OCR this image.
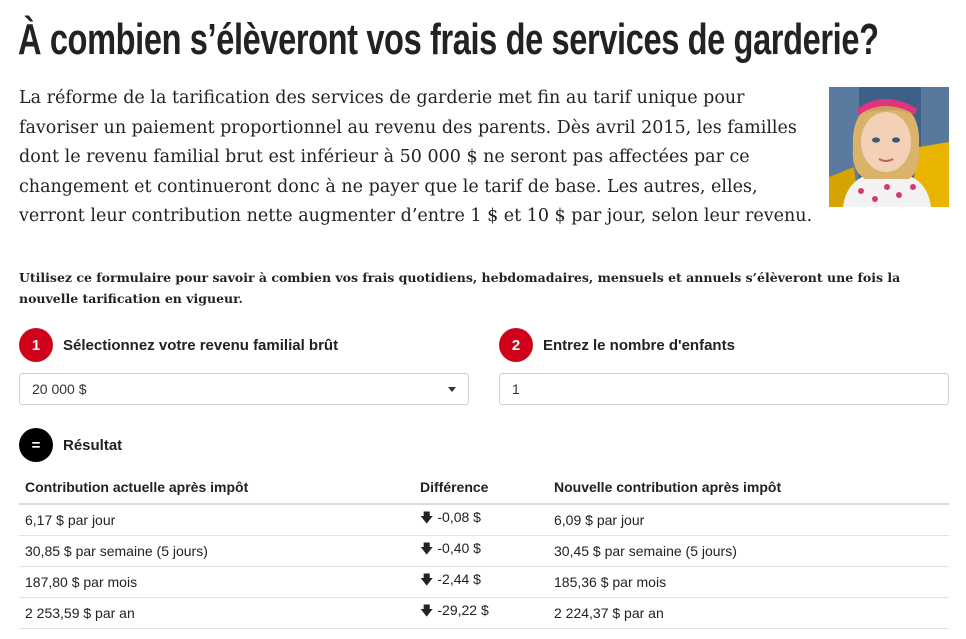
À combien s’élèveront vos frais de services de garderie?

La réforme de la tarification des services de garderie met fin au tarif unique pour favoriser un paiement proportionnel au revenu des parents. Dès avril 2015, les familles dont le revenu familial brut est inférieur à 50 000 $ ne seront pas affectées par ce changement et continueront donc à ne payer que le tarif de base. Les autres, elles, verront leur contribution nette augmenter d’entre 1 $ et 10 $ par jour, selon leur revenu.

Utilisez ce formulaire pour savoir à combien vos frais quotidiens, hebdomadaires, mensuels et annuels s’élèveront une fois la nouvelle tarification en vigueur.

1	Sélectionnez votre revenu familial brût	2	Entrez le nombre d'enfants
20 000 $	1
=	Résultat
Contribution actuelle après impôt	Différence	Nouvelle contribution après impôt
6,17 $ par jour	🡇 -0,08 $	6,09 $ par jour
30,85 $ par semaine (5 jours)	🡇 -0,40 $	30,45 $ par semaine (5 jours)
187,80 $ par mois	🡇 -2,44 $	185,36 $ par mois
2 253,59 $ par an	🡇 -29,22 $	2 224,37 $ par an
